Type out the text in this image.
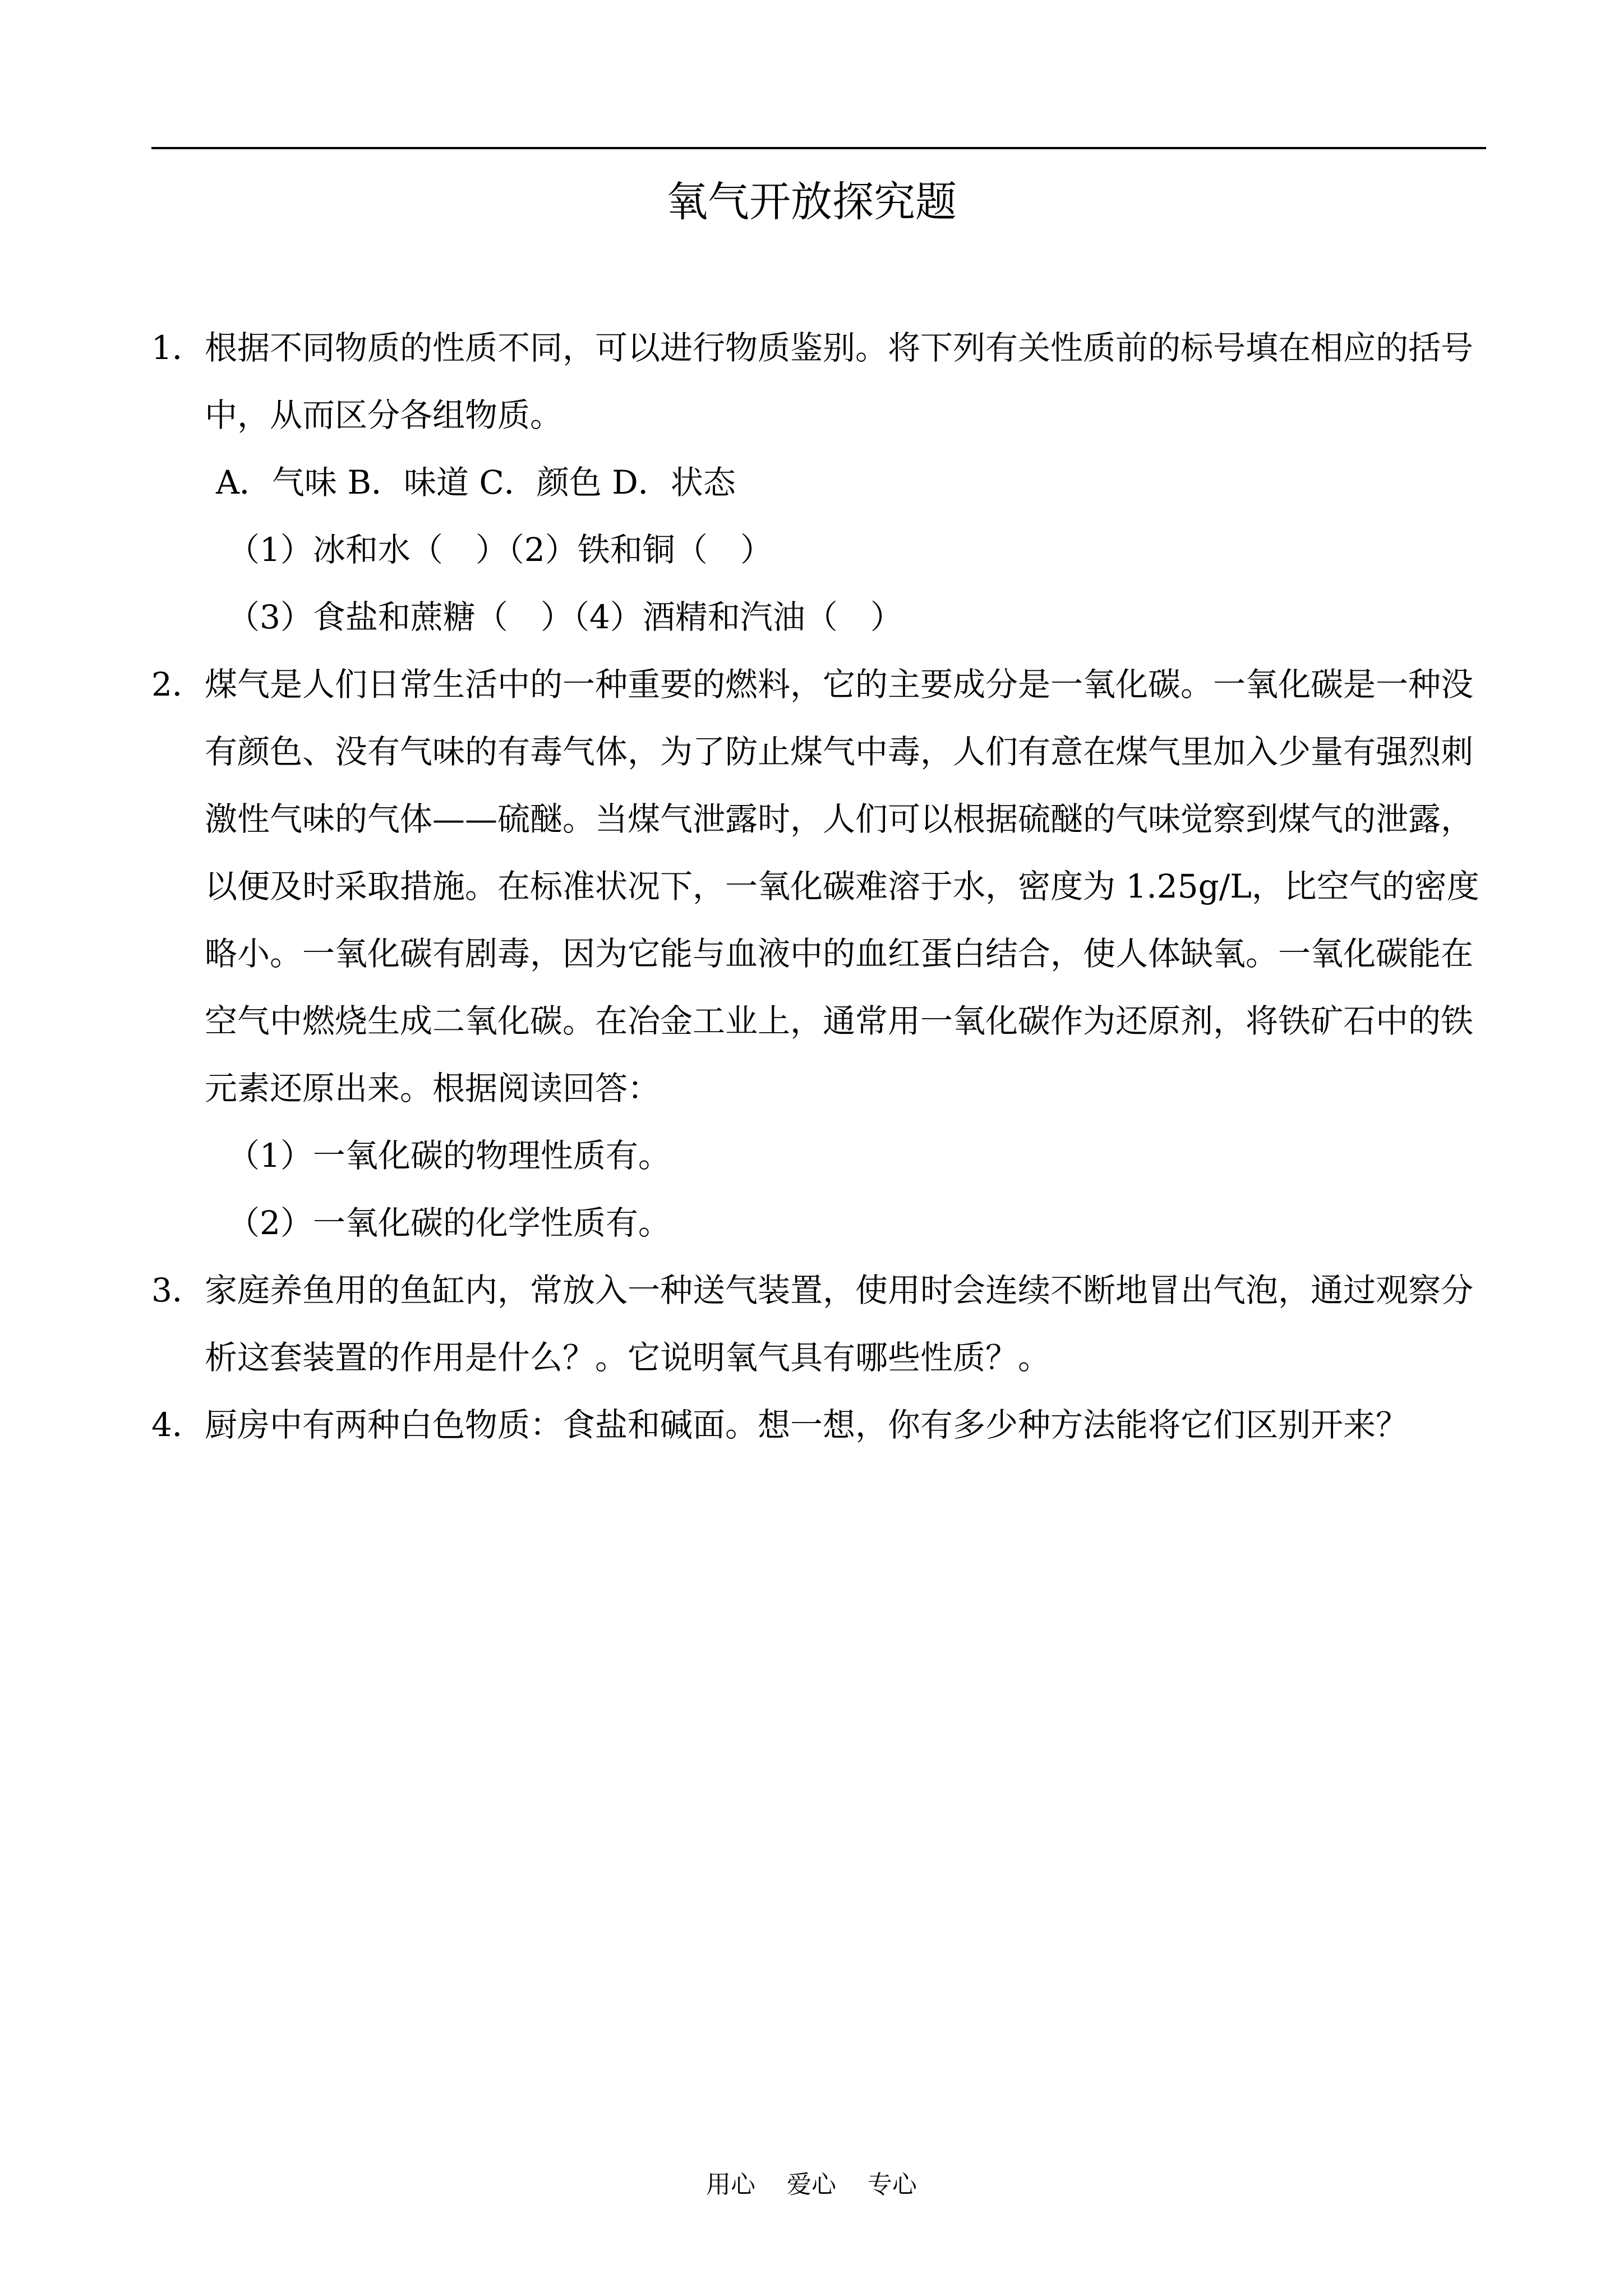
氧气开放探究题
1． 根据不同物质的性质不同，可以进行物质鉴别。将下列有关性质前的标号填在相应的括号中，从而区分各组物质。
A．气味 B．味道 C．颜色 D．状态
（1）冰和水（ ）（2）铁和铜（ ）
（3）食盐和蔗糖（ ）（4）酒精和汽油（ ）
2． 煤气是人们日常生活中的一种重要的燃料，它的主要成分是一氧化碳。一氧化碳是一种没有颜色、没有气味的有毒气体，为了防止煤气中毒，人们有意在煤气里加入少量有强烈刺激性气味的气体——硫醚。当煤气泄露时，人们可以根据硫醚的气味觉察到煤气的泄露，以便及时采取措施。在标准状况下，一氧化碳难溶于水，密度为 1.25g/L，比空气的密度略小。一氧化碳有剧毒，因为它能与血液中的血红蛋白结合，使人体缺氧。一氧化碳能在空气中燃烧生成二氧化碳。在冶金工业上，通常用一氧化碳作为还原剂，将铁矿石中的铁元素还原出来。根据阅读回答：
（1）一氧化碳的物理性质有。
（2）一氧化碳的化学性质有。
3． 家庭养鱼用的鱼缸内，常放入一种送气装置，使用时会连续不断地冒出气泡，通过观察分析这套装置的作用是什么？。它说明氧气具有哪些性质？。
4． 厨房中有两种白色物质：食盐和碱面。想一想，你有多少种方法能将它们区别开来？
用心    爱心    专心
